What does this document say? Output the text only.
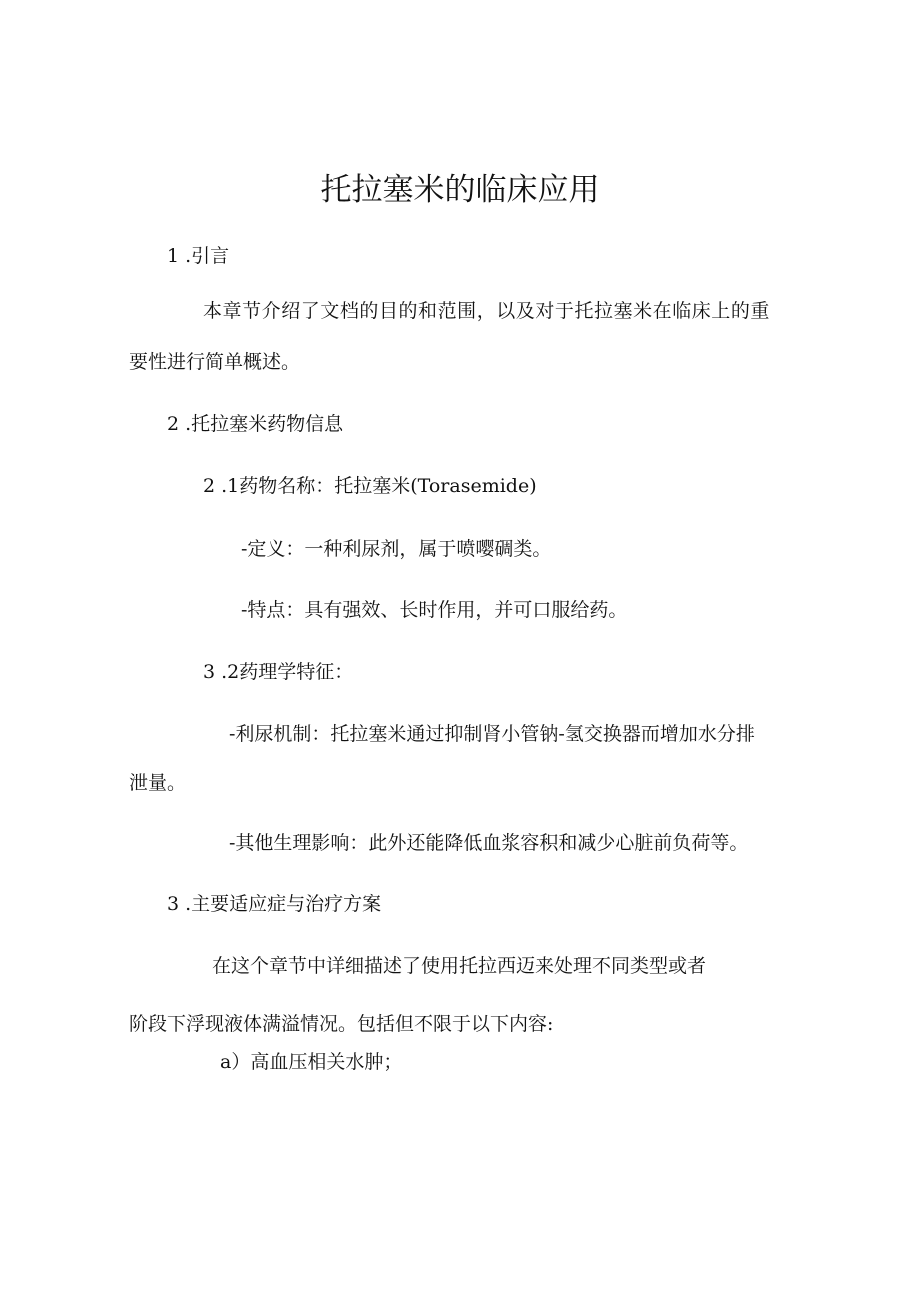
托拉塞米的临床应用

1 .引言

本章节介绍了文档的目的和范围，以及对于托拉塞米在临床上的重

要性进行简单概述。

2 .托拉塞米药物信息

2 .1药物名称：托拉塞米(Torasemide)

-定义：一种利尿剂，属于喷嘤碉类。

-特点：具有强效、长时作用，并可口服给药。

3 .2药理学特征：

-利尿机制：托拉塞米通过抑制肾小管钠-氢交换器而增加水分排

泄量。

-其他生理影响：此外还能降低血浆容积和减少心脏前负荷等。

3 .主要适应症与治疗方案

在这个章节中详细描述了使用托拉西迈来处理不同类型或者

阶段下浮现液体满溢情况。包括但不限于以下内容:

a）高血压相关水肿；
